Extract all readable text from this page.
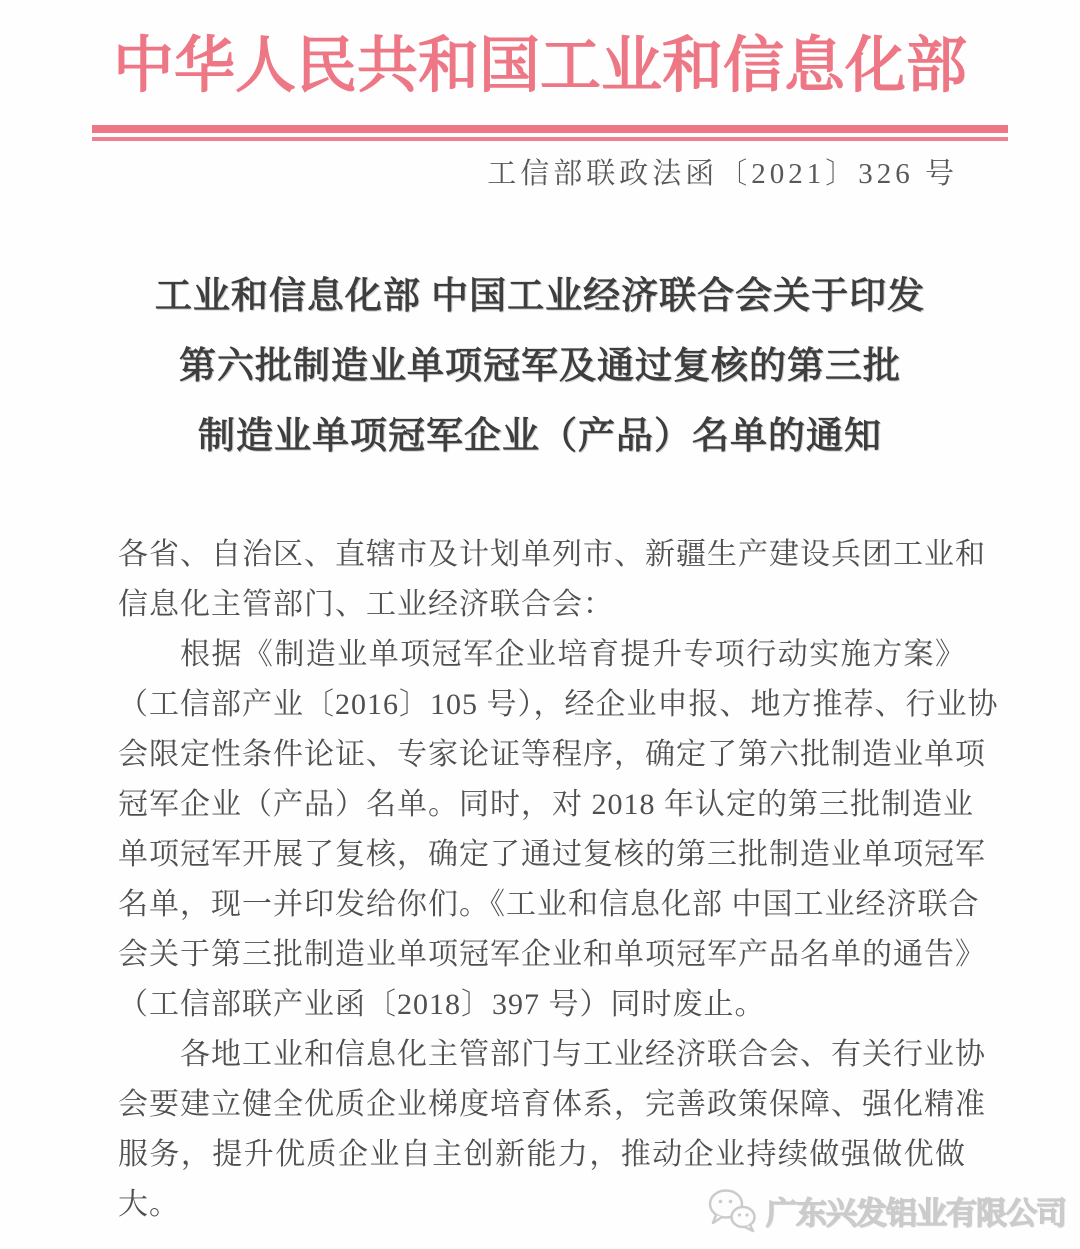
中华人民共和国工业和信息化部
工信部联政法函〔2021〕326 号
工业和信息化部 中国工业经济联合会关于印发
第六批制造业单项冠军及通过复核的第三批
制造业单项冠军企业（产品）名单的通知
各省、自治区、直辖市及计划单列市、新疆生产建设兵团工业和
信息化主管部门、工业经济联合会：
根据《制造业单项冠军企业培育提升专项行动实施方案》
（工信部产业〔2016〕105 号），经企业申报、地方推荐、行业协
会限定性条件论证、专家论证等程序，确定了第六批制造业单项
冠军企业（产品）名单。同时，对 2018 年认定的第三批制造业
单项冠军开展了复核，确定了通过复核的第三批制造业单项冠军
名单，现一并印发给你们。《工业和信息化部 中国工业经济联合
会关于第三批制造业单项冠军企业和单项冠军产品名单的通告》
（工信部联产业函〔2018〕397 号）同时废止。
各地工业和信息化主管部门与工业经济联合会、有关行业协
会要建立健全优质企业梯度培育体系，完善政策保障、强化精准
服务，提升优质企业自主创新能力，推动企业持续做强做优做
大。	广东兴发铝业有限公司
